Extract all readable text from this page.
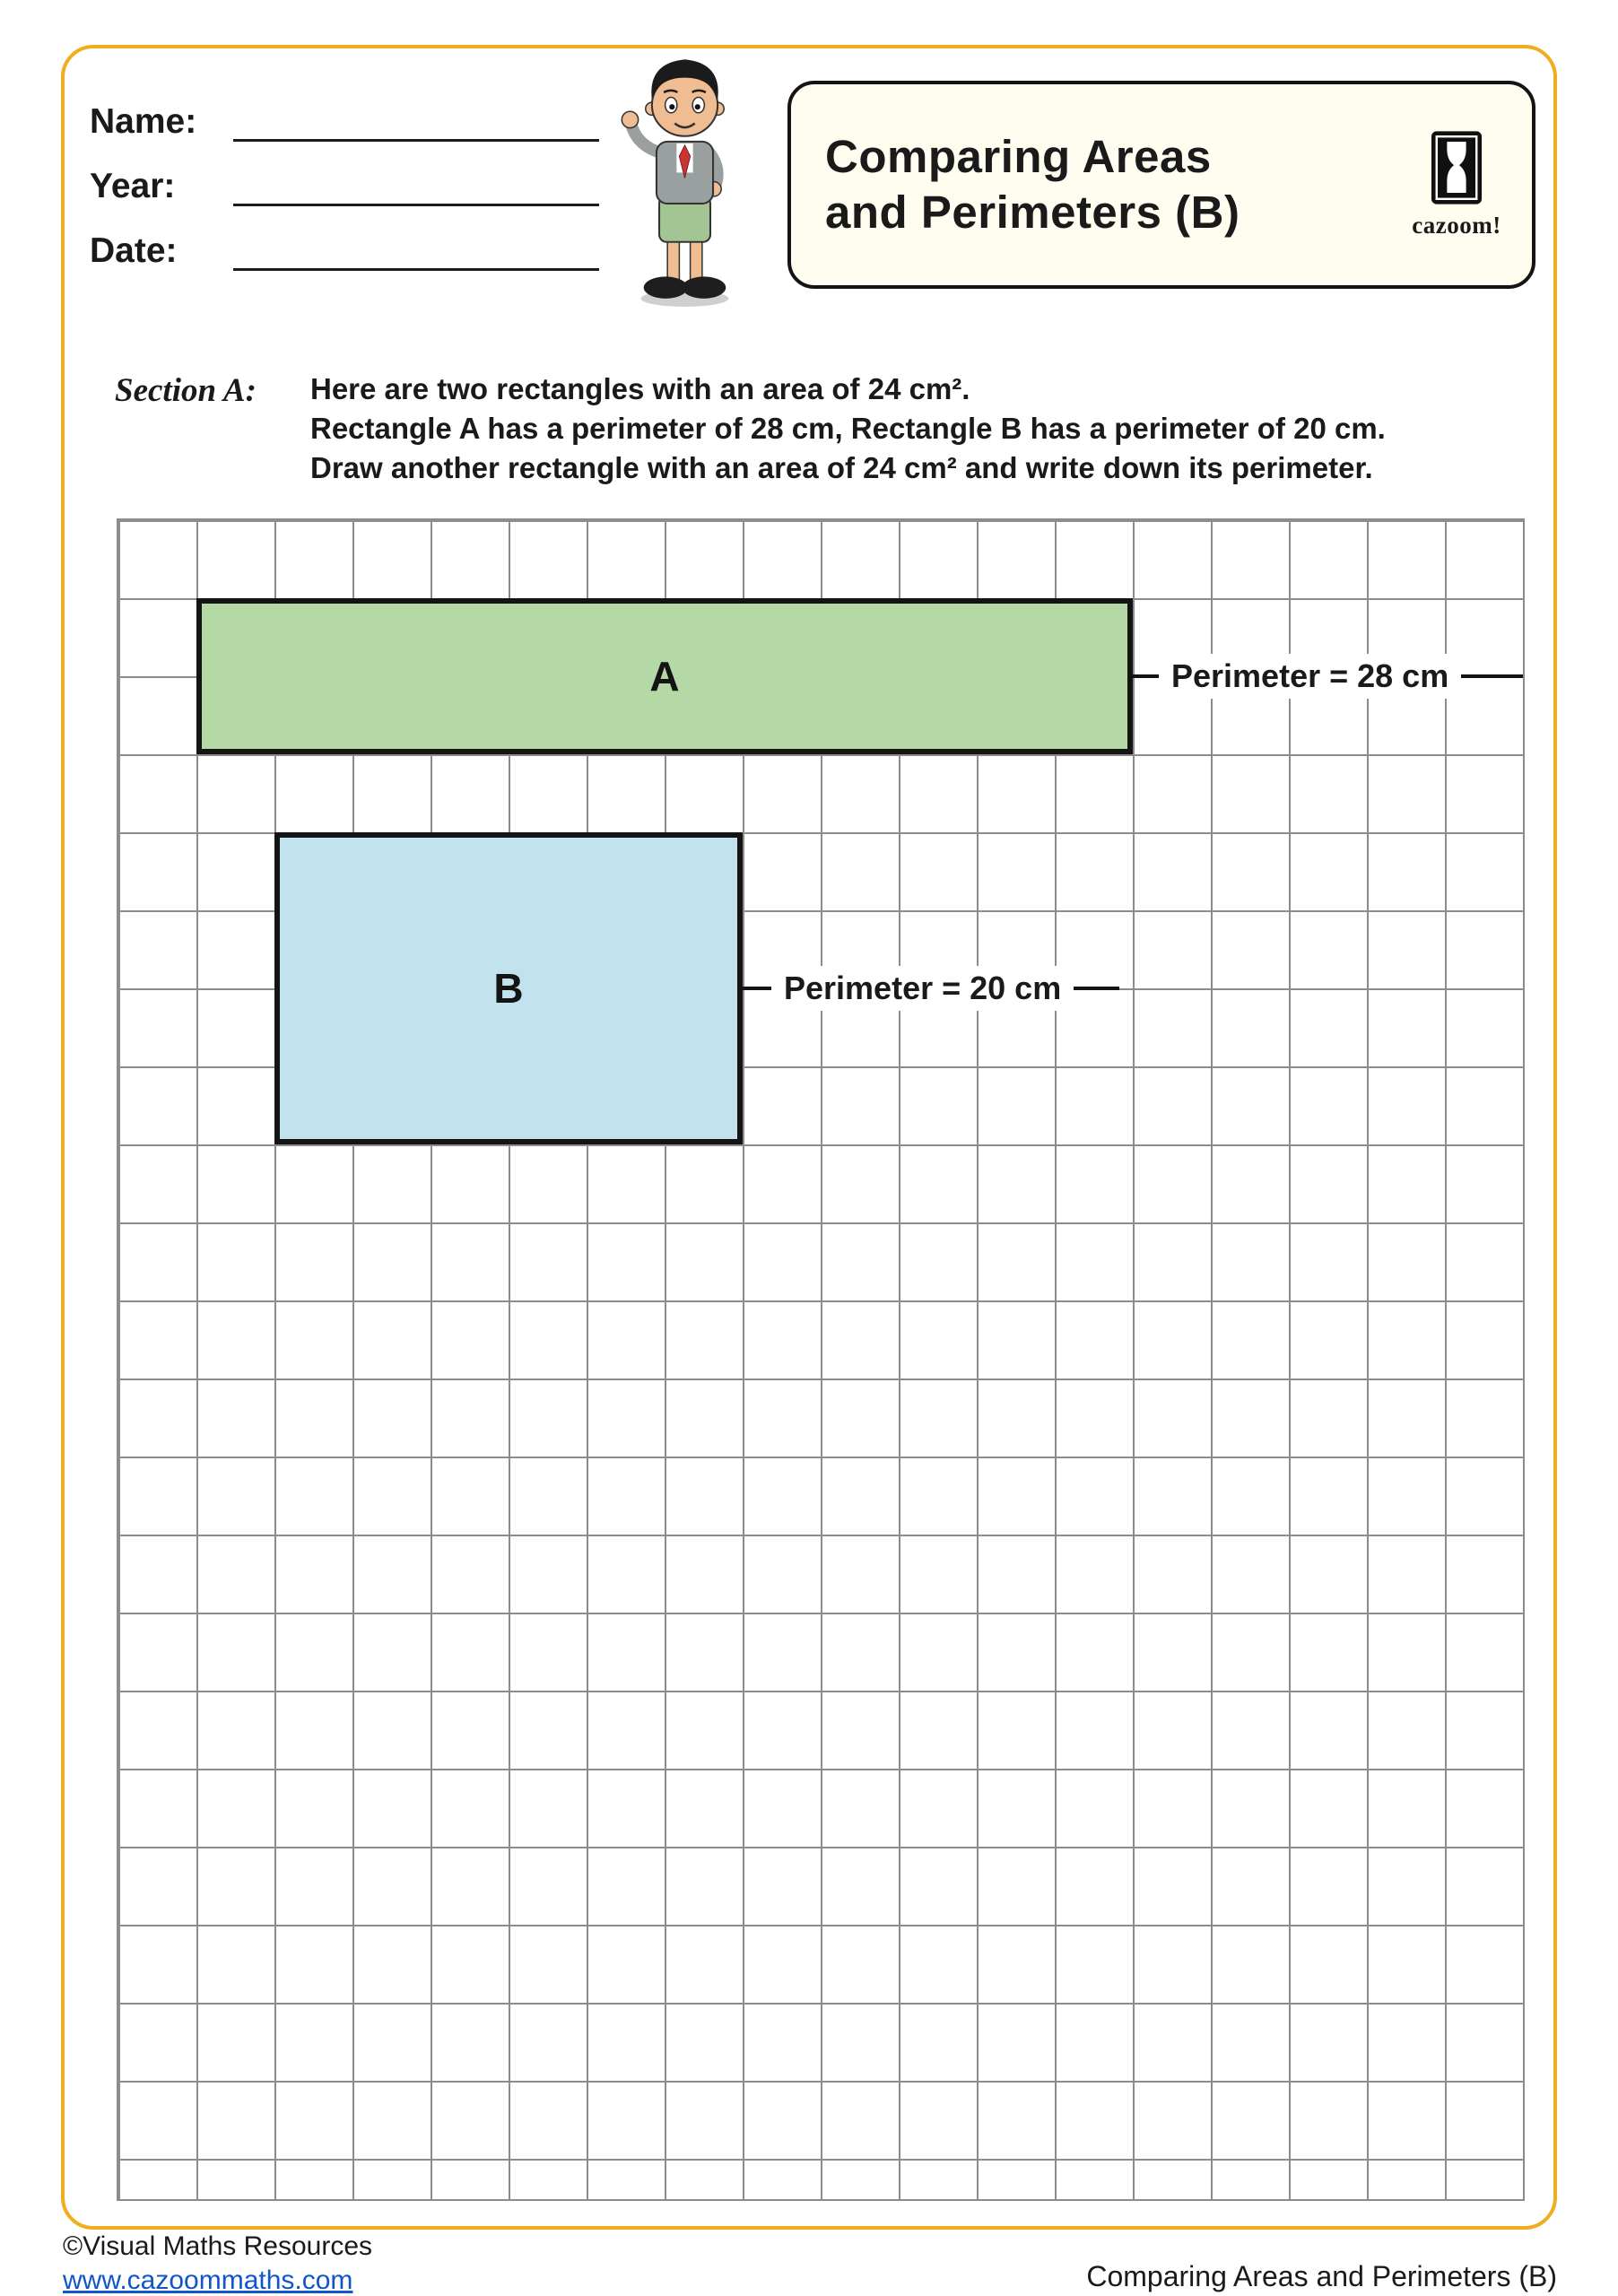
Name:
Year:
Date:
Comparing Areas
and Perimeters (B)	cazoom!
Section A:	Here are two rectangles with an area of 24 cm².
Rectangle A has a perimeter of 28 cm, Rectangle B has a perimeter of 20 cm.
Draw another rectangle with an area of 24 cm² and write down its perimeter.
A	Perimeter = 28 cm
B	Perimeter = 20 cm
©Visual Maths Resources
www.cazoommaths.com	Comparing Areas and Perimeters (B)
